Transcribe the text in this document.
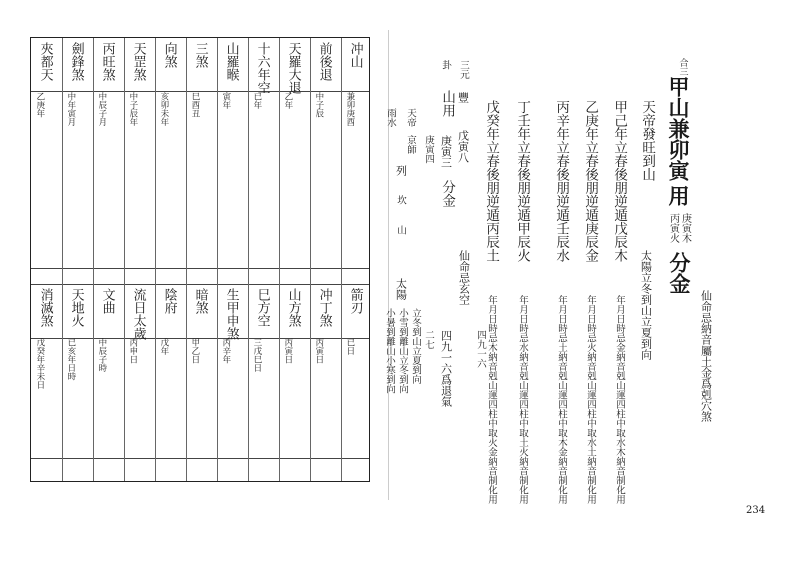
夾都天
乙庚年
消滅煞
戊癸年辛未日
劍鋒煞
中年寅月
天地火
已亥年日時
丙旺煞
中辰子月
文曲
中辰子時
天罡煞
中子辰年
流日太歲
丙申日
向煞
亥卯未年
陰府
戊年
三煞
巳酉丑
暗煞
甲乙日
山羅睺
寅年
生甲申煞
丙辛年
十六年空
已年
巳方空
三戊巳日
天羅大退
乙年
山方煞
丙寅日
前後退
中子辰
冲丁煞
丙寅日
冲山
兼卯庚酉
箭刃
已日
合三
甲山兼卯寅
用
丙寅火 庚寅木
分金
仙命忌納音屬土金爲剋穴煞
太陽立冬到山立夏到向
天帝發旺到山
甲己年立春後朋逆遁戊辰木
乙庚年立春後朋逆遁庚辰金
丙辛年立春後朋逆遁壬辰水
丁壬年立春後朋逆遁甲辰火
戊癸年立春後朋逆遁丙辰土
年月日時忌金納音剋山運四柱中取水木納音制化用
年月日時忌火納音剋山運四柱中取水土納音制化用
年月日時忌土納音剋山運四柱中取木金納音制化用
年月日時忌水納音剋山運四柱中取土火納音制化用
年月日時忌木納音剋山運四柱中取火金納音制化用
三元
豐
戊寅八
卦
山用
庚寅三
分金
庚寅四
仙命忌玄空
四九一六
四九一六爲退氣
二七
天帝
京師
雨水
列
坎
山
太陽
立冬到山立夏到向
小雪到離山立冬到向
小暑到離山小寒到向
234
